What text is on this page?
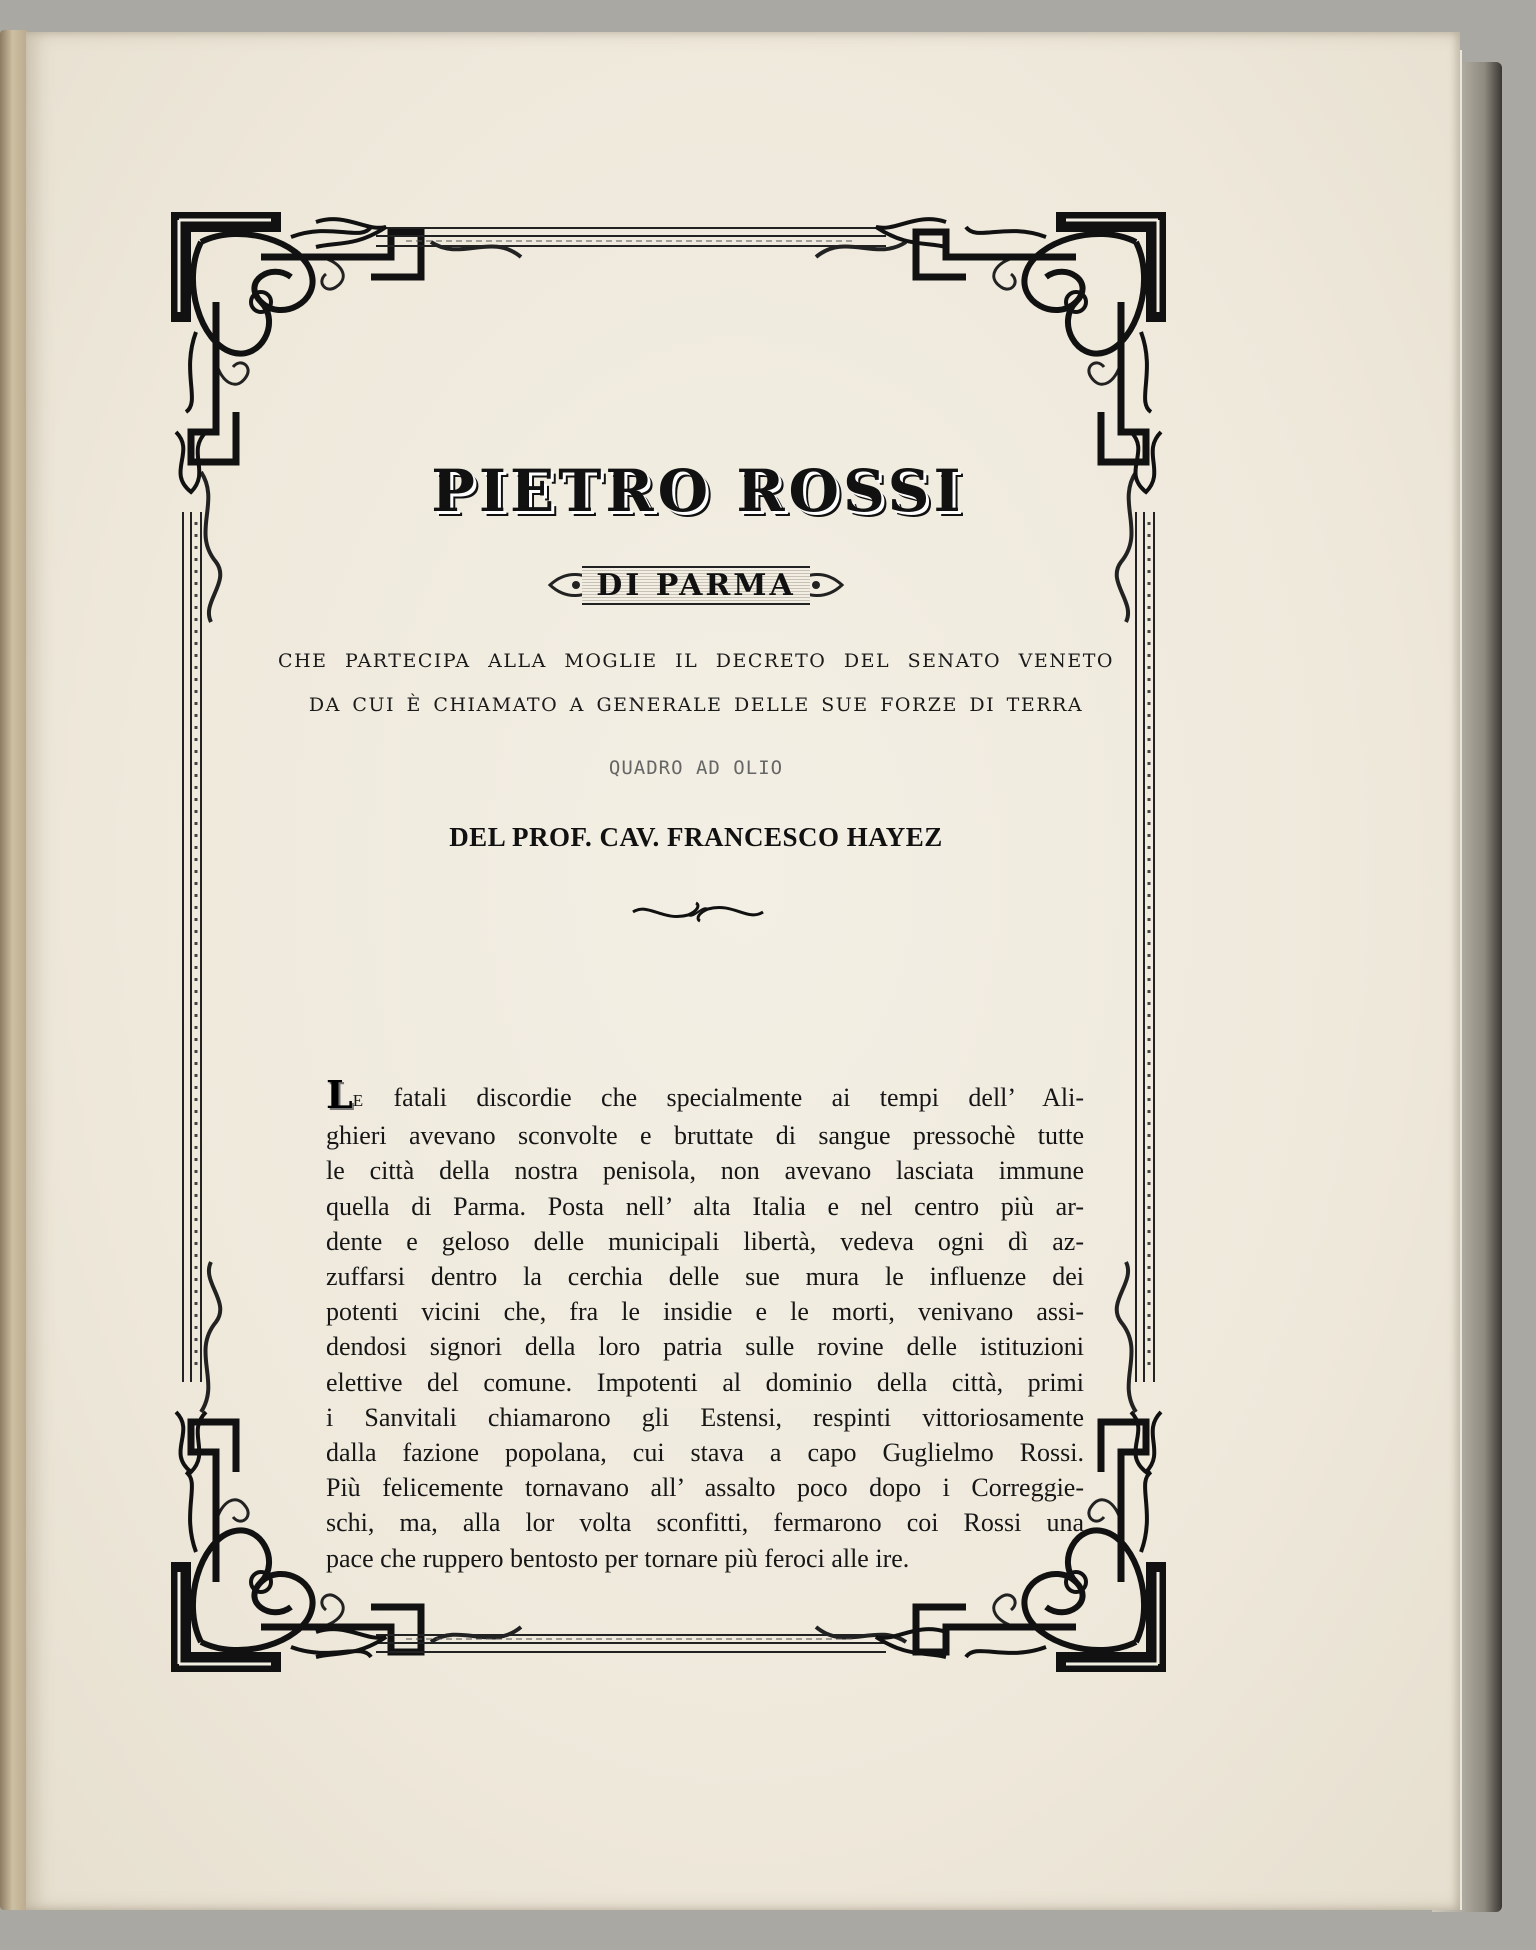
PIETRO ROSSI
DI PARMA
CHE PARTECIPA ALLA MOGLIE IL DECRETO DEL SENATO VENETO
DA CUI È CHIAMATO A GENERALE DELLE SUE FORZE DI TERRA
QUADRO AD OLIO
DEL PROF. CAV. FRANCESCO HAYEZ
LE fatali discordie che specialmente ai tempi dell’ Ali-
ghieri avevano sconvolte e bruttate di sangue pressochè tutte
le città della nostra penisola, non avevano lasciata immune
quella di Parma. Posta nell’ alta Italia e nel centro più ar-
dente e geloso delle municipali libertà, vedeva ogni dì az-
zuffarsi dentro la cerchia delle sue mura le influenze dei
potenti vicini che, fra le insidie e le morti, venivano assi-
dendosi signori della loro patria sulle rovine delle istituzioni
elettive del comune. Impotenti al dominio della città, primi
i Sanvitali chiamarono gli Estensi, respinti vittoriosamente
dalla fazione popolana, cui stava a capo Guglielmo Rossi.
Più felicemente tornavano all’ assalto poco dopo i Correggie-
schi, ma, alla lor volta sconfitti, fermarono coi Rossi una
pace che ruppero bentosto per tornare più feroci alle ire.
